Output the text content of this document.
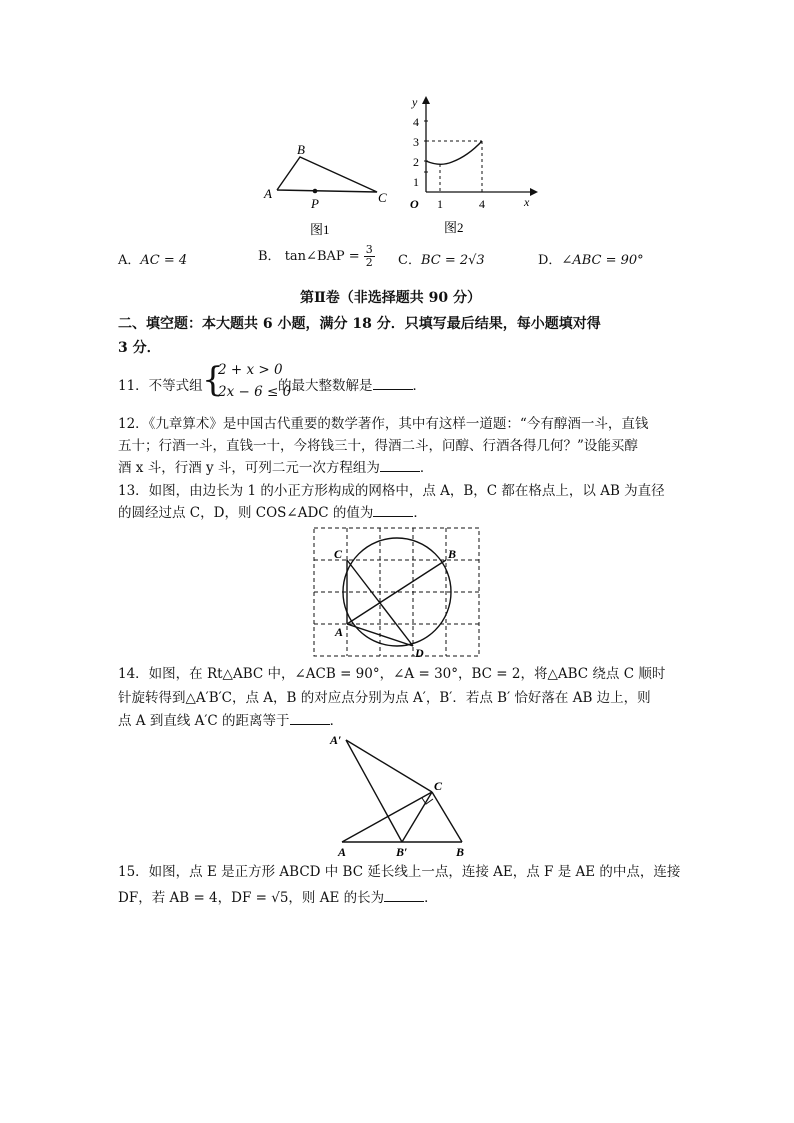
A
B
C
P
图1
y
4
3
2
1
O 1	4	x
图2
A．AC = 4	B． tan∠BAP = $\frac{3}{2}$ C．BC = 2√3	D．∠ABC = 90°
第Ⅱ卷（非选择题共 90 分）
二、填空题：本大题共 6 小题，满分 18 分．只填写最后结果，每小题填对得
3 分．
11．不等式组 {
2 + x > 0
2x − 6 ≤ 0
的最大整数解是	．
12．《九章算术》是中国古代重要的数学著作，其中有这样一道题：“今有醇酒一斗，直钱
五十；行酒一斗，直钱一十，今将钱三十，得酒二斗，问醇、行酒各得几何？”设能买醇
酒 x 斗，行酒 y 斗，可列二元一次方程组为	．
13．如图，由边长为 1 的小正方形构成的网格中，点 A，B，C 都在格点上，以 AB 为直径
的圆经过点 C，D，则 COS∠ADC 的值为	．
C	B
A
D
14．如图，在 Rt△ABC 中，∠ACB = 90°，∠A = 30°，BC = 2，将△ABC 绕点 C 顺时
针旋转得到△A′B′C，点 A，B 的对应点分别为点 A′，B′．若点 B′ 恰好落在 AB 边上，则
点 A 到直线 A′C 的距离等于	．
A′
C
A	B′	B
15．如图，点 E 是正方形 ABCD 中 BC 延长线上一点，连接 AE，点 F 是 AE 的中点，连接
DF，若 AB = 4，DF = √5，则 AE 的长为	．
